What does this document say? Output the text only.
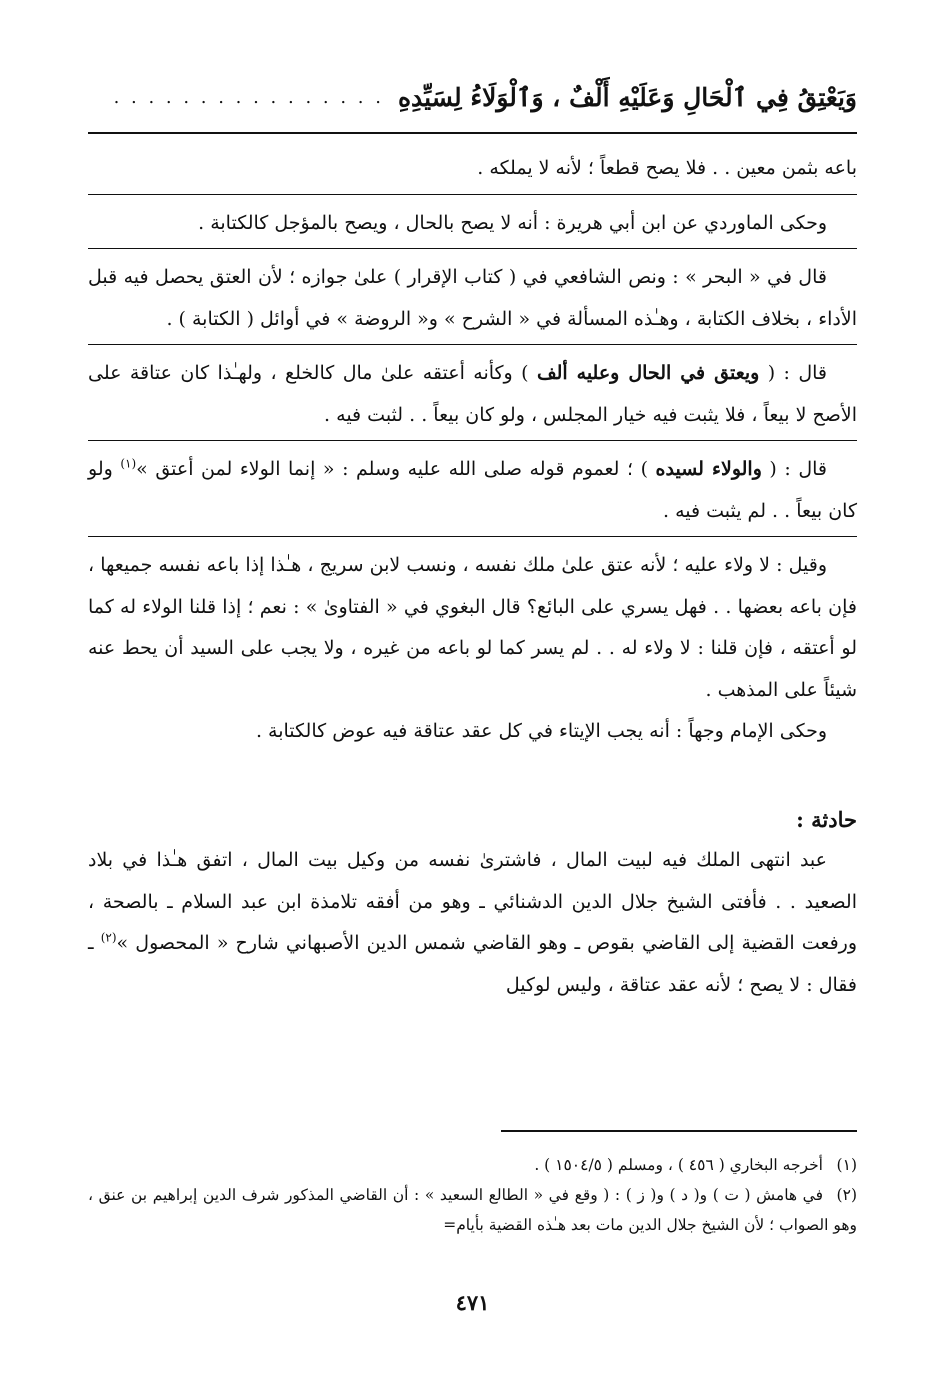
وَيَعْتِقُ فِي ٱلْحَالِ وَعَلَيْهِ أَلْفٌ ، وَٱلْوَلَاءُ لِسَيِّدِهِ
. . . . . . . . . . . . . . . .

باعه بثمن معين . . فلا يصح قطعاً ؛ لأنه لا يملكه .

وحكى الماوردي عن ابن أبي هريرة : أنه لا يصح بالحال ، ويصح بالمؤجل كالكتابة .

قال في « البحر » : ونص الشافعي في ( كتاب الإقرار ) علىٰ جوازه ؛ لأن العتق يحصل فيه قبل الأداء ، بخلاف الكتابة ، وهـٰذه المسألة في « الشرح » و« الروضة » في أوائل ( الكتابة ) .

قال : ( ويعتق في الحال وعليه ألف ) وكأنه أعتقه علىٰ مال كالخلع ، ولهـٰذا كان عتاقة على الأصح لا بيعاً ، فلا يثبت فيه خيار المجلس ، ولو كان بيعاً . . لثبت فيه .

قال : ( والولاء لسيده ) ؛ لعموم قوله صلى الله عليه وسلم : « إنما الولاء لمن أعتق »$^{(١)}$ ولو كان بيعاً . . لم يثبت فيه .

وقيل : لا ولاء عليه ؛ لأنه عتق علىٰ ملك نفسه ، ونسب لابن سريج ، هـٰذا إذا باعه نفسه جميعها ، فإن باعه بعضها . . فهل يسري على البائع؟ قال البغوي في « الفتاوىٰ » : نعم ؛ إذا قلنا الولاء له كما لو أعتقه ، فإن قلنا : لا ولاء له . . لم يسر كما لو باعه من غيره ، ولا يجب على السيد أن يحط عنه شيئاً على المذهب .

وحكى الإمام وجهاً : أنه يجب الإيتاء في كل عقد عتاقة فيه عوض كالكتابة .

حادثة :

عبد انتهى الملك فيه لبيت المال ، فاشترىٰ نفسه من وكيل بيت المال ، اتفق هـٰذا في بلاد الصعيد . . فأفتى الشيخ جلال الدين الدشنائي ـ وهو من أفقه تلامذة ابن عبد السلام ـ بالصحة ، ورفعت القضية إلى القاضي بقوص ـ وهو القاضي شمس الدين الأصبهاني شارح « المحصول »$^{(٢)}$ ـ فقال : لا يصح ؛ لأنه عقد عتاقة ، وليس لوكيل

(١)أخرجه البخاري ( ٤٥٦ ) ، ومسلم ( ١٥٠٤/٥ ) .

(٢)في هامش ( ت ) و( د ) و( ز ) : ( وقع في « الطالع السعيد » : أن القاضي المذكور شرف الدين إبراهيم بن عنق ، وهو الصواب ؛ لأن الشيخ جلال الدين مات بعد هـٰذه القضية بأيام=

٤٧١
